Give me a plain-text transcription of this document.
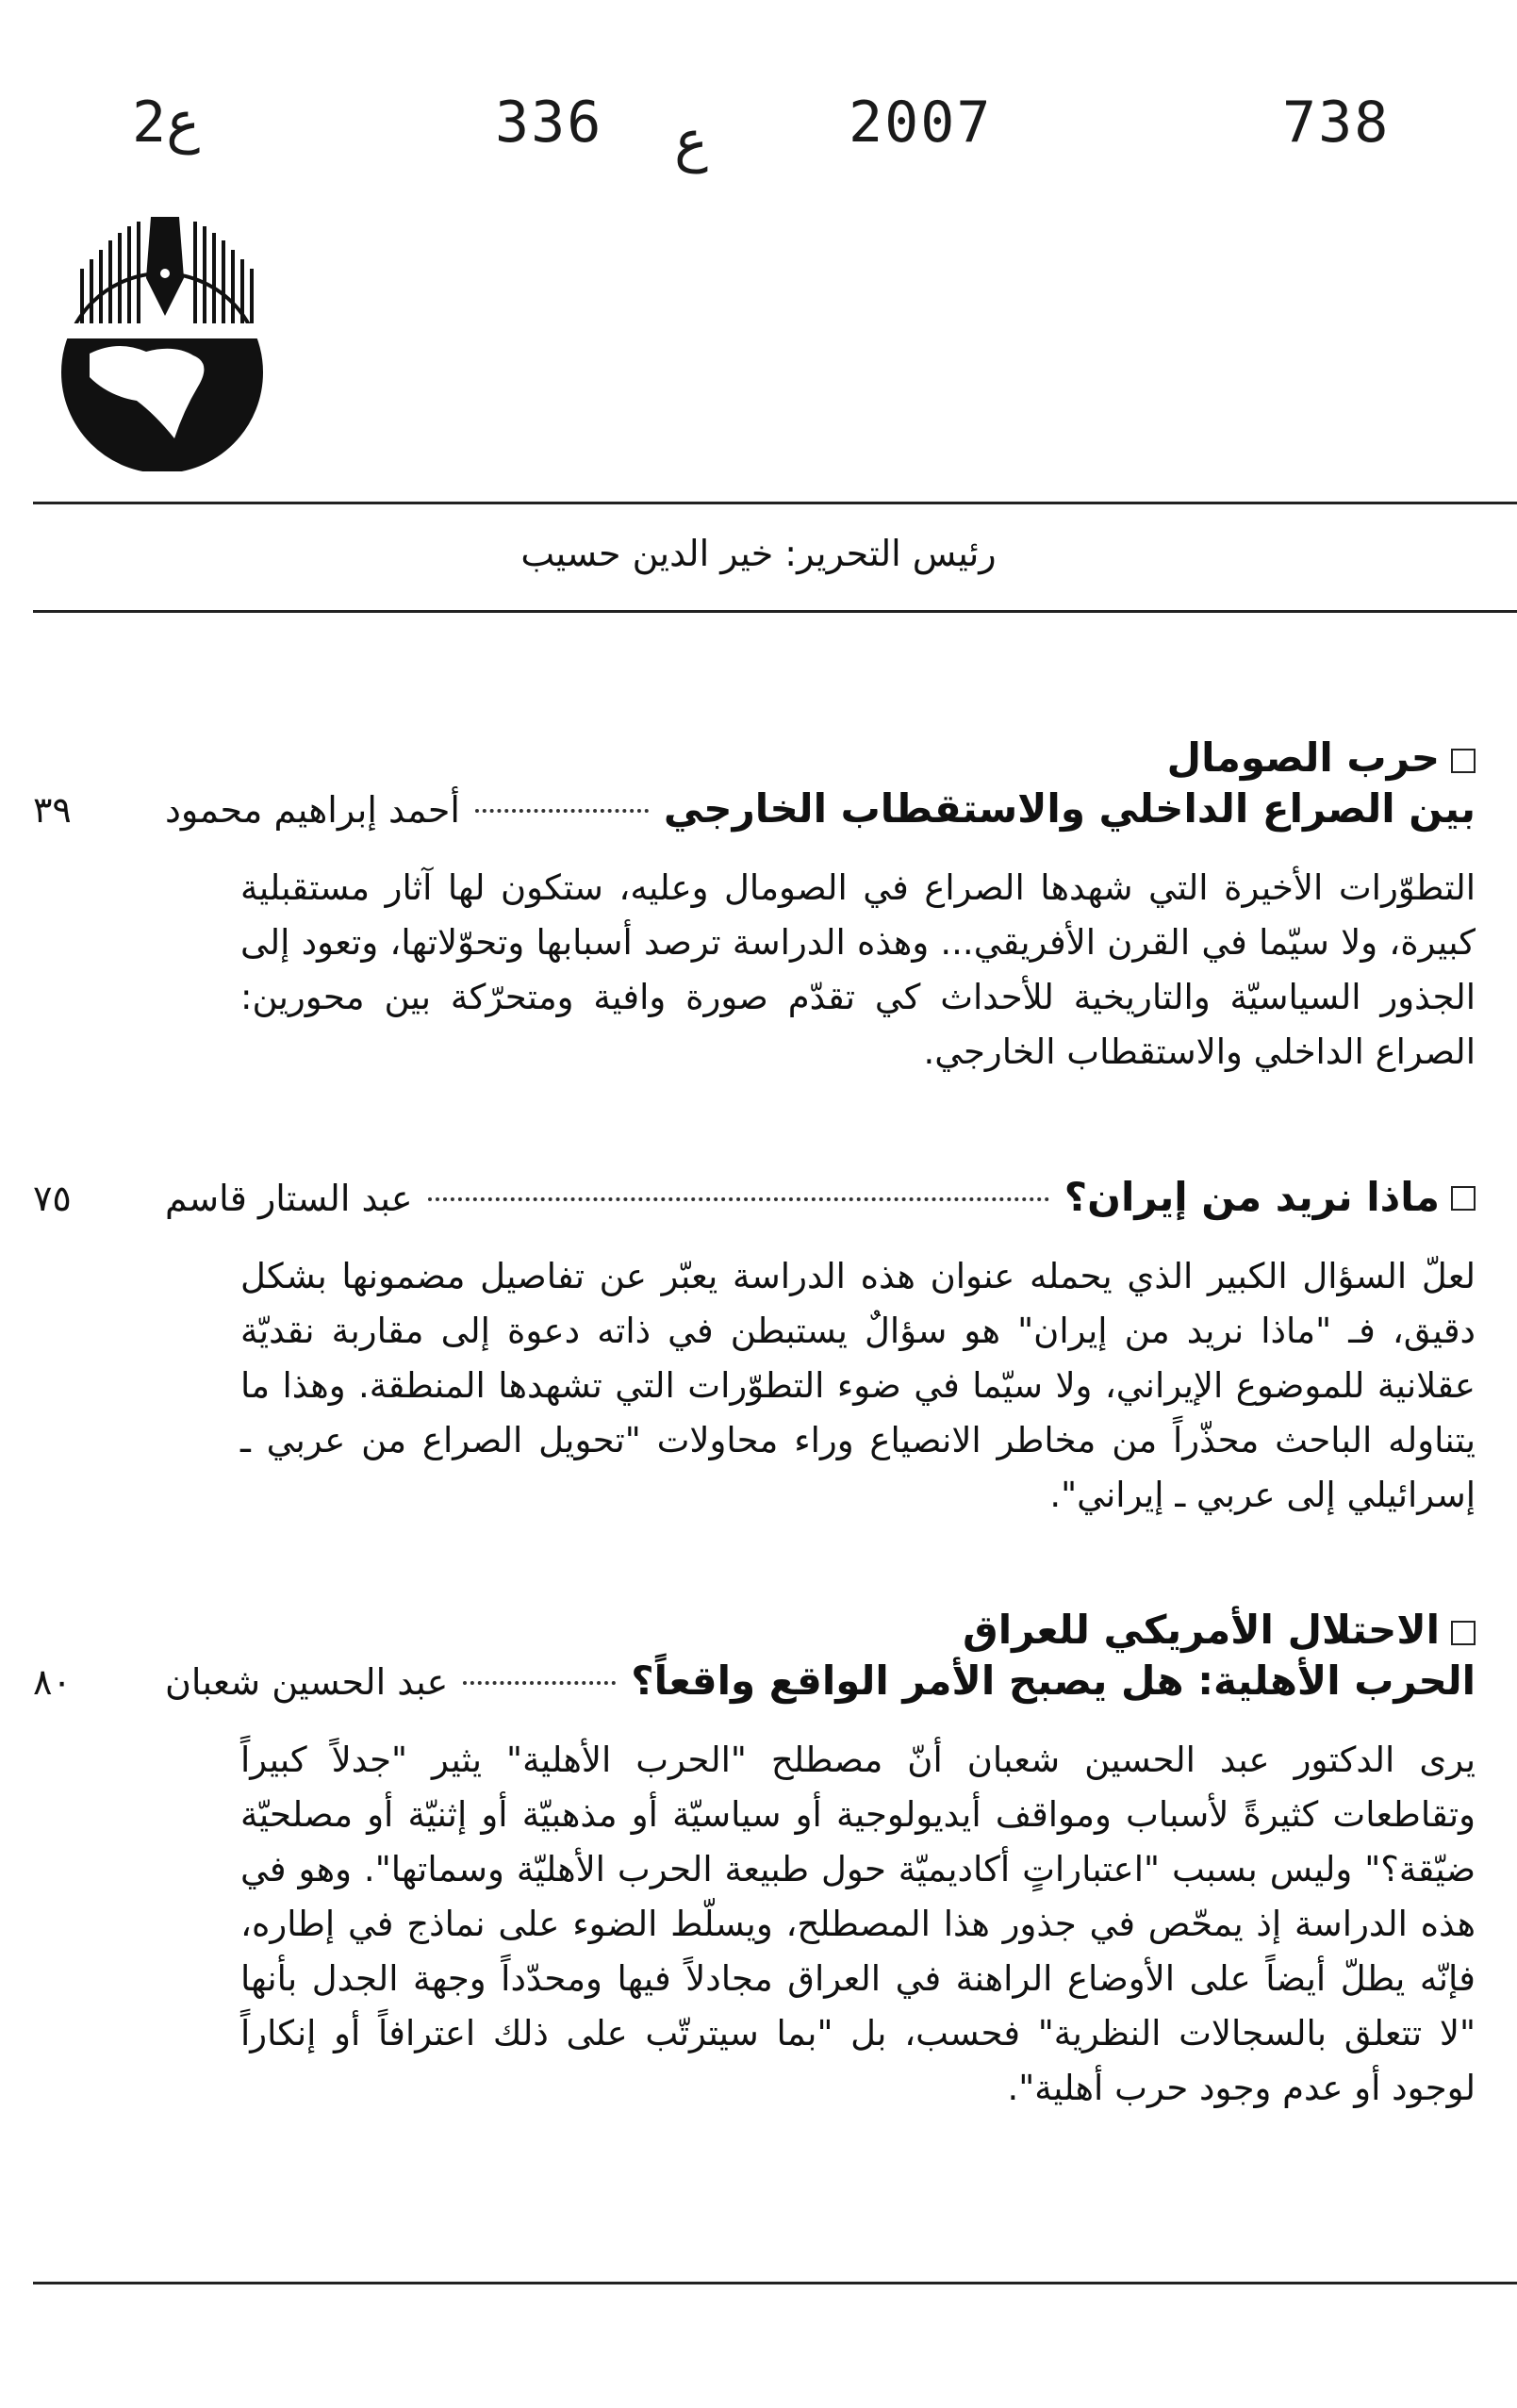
ﻉ2	336 ع 2007	738
رئيس التحرير: خير الدين حسيب
حرب الصومال
بين الصراع الداخلي والاستقطاب الخارجي
أحمد إبراهيم محمود
٣٩
التطوّرات الأخيرة التي شهدها الصراع في الصومال وعليه، ستكون لها آثار مستقبلية كبيرة، ولا سيّما في القرن الأفريقي... وهذه الدراسة ترصد أسبابها وتحوّلاتها، وتعود إلى الجذور السياسيّة والتاريخية للأحداث كي تقدّم صورة وافية ومتحرّكة بين محورين: الصراع الداخلي والاستقطاب الخارجي.
ماذا نريد من إيران؟
عبد الستار قاسم
٧٥
لعلّ السؤال الكبير الذي يحمله عنوان هذه الدراسة يعبّر عن تفاصيل مضمونها بشكل دقيق، فـ "ماذا نريد من إيران" هو سؤالٌ يستبطن في ذاته دعوة إلى مقاربة نقديّة عقلانية للموضوع الإيراني، ولا سيّما في ضوء التطوّرات التي تشهدها المنطقة. وهذا ما يتناوله الباحث محذّراً من مخاطر الانصياع وراء محاولات "تحويل الصراع من عربي ـ إسرائيلي إلى عربي ـ إيراني".
الاحتلال الأمريكي للعراق
الحرب الأهلية: هل يصبح الأمر الواقع واقعاً؟
عبد الحسين شعبان
٨٠
يرى الدكتور عبد الحسين شعبان أنّ مصطلح "الحرب الأهلية" يثير "جدلاً كبيراً وتقاطعات كثيرةً لأسباب ومواقف أيديولوجية أو سياسيّة أو مذهبيّة أو إثنيّة أو مصلحيّة ضيّقة؟" وليس بسبب "اعتباراتٍ أكاديميّة حول طبيعة الحرب الأهليّة وسماتها". وهو في هذه الدراسة إذ يمحّص في جذور هذا المصطلح، ويسلّط الضوء على نماذج في إطاره، فإنّه يطلّ أيضاً على الأوضاع الراهنة في العراق مجادلاً فيها ومحدّداً وجهة الجدل بأنها "لا تتعلق بالسجالات النظرية" فحسب، بل "بما سيترتّب على ذلك اعترافاً أو إنكاراً لوجود أو عدم وجود حرب أهلية".
